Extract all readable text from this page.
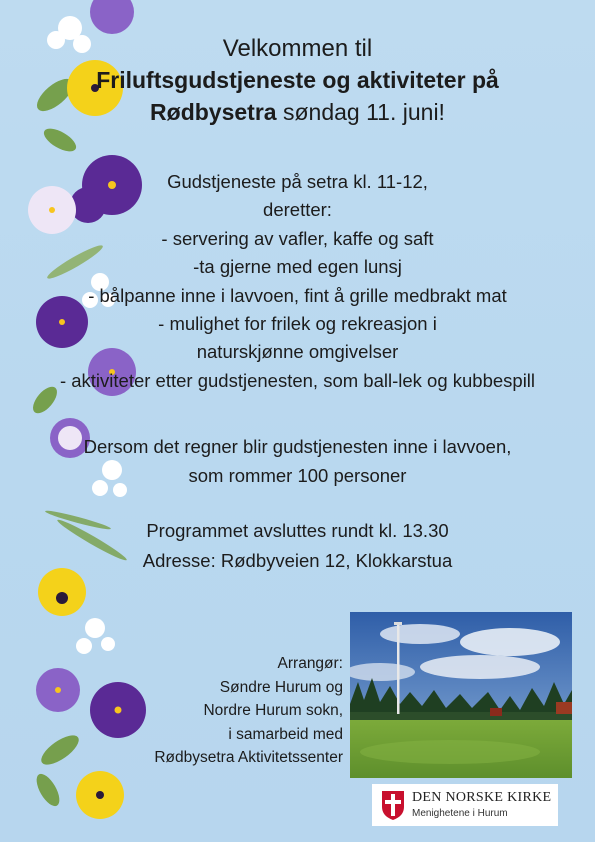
Velkommen til
Friluftsgudstjeneste og aktiviteter på
Rødbysetra søndag 11. juni!
Gudstjeneste på setra kl. 11-12,
deretter:
- servering av vafler, kaffe og saft
-ta gjerne med egen lunsj
- bålpanne inne i lavvoen, fint å grille medbrakt mat
- mulighet for frilek og rekreasjon i
naturskjønne omgivelser
- aktiviteter etter gudstjenesten, som ball-lek og kubbespill
Dersom det regner blir gudstjenesten inne i lavvoen,
som rommer 100 personer
Programmet avsluttes rundt kl. 13.30
Adresse: Rødbyveien 12, Klokkarstua
Arrangør:
Søndre Hurum og
Nordre Hurum sokn,
i samarbeid med
Rødbysetra Aktivitetssenter
DEN NORSKE KIRKE
Menighetene i Hurum
